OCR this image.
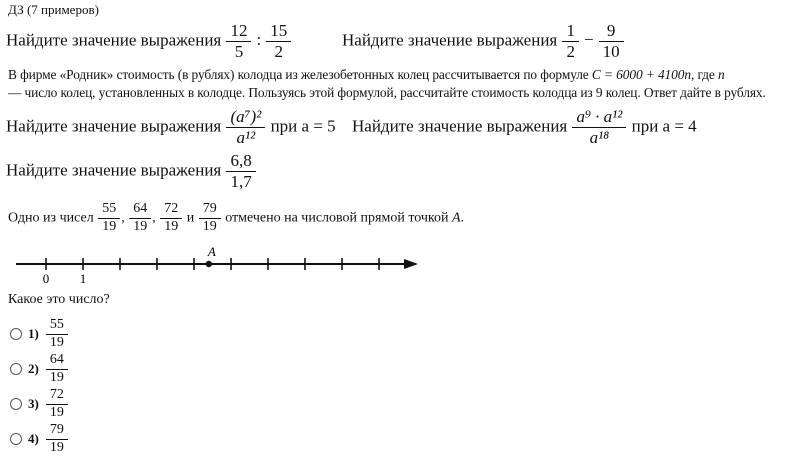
ДЗ (7 примеров)
Найдите значение выражения $\frac{12}{5}$ : $\frac{15}{2}$	Найдите значение выражения $\frac{1}{2} - \frac{9}{10}$
В фирме «Родник» стоимость (в рублях) колодца из железобетонных колец рассчитывается по формуле C = 6000 + 4100n, где n
— число колец, установленных в колодце. Пользуясь этой формулой, рассчитайте стоимость колодца из 9 колец. Ответ дайте в рублях.
Найдите значение выражения $\frac{\text{(a⁷)²}}{\text{a¹²}}$ при a = 5 Найдите значение выражения $\frac{\text{a⁹ · a¹²}}{\text{a¹⁸}}$ при a = 4
Найдите значение выражения $\frac{6,8}{1,7}$
Одно из чисел $\frac{55}{19}$ , $\frac{64}{19}$ , $\frac{72}{19}$ и $\frac{79}{19}$ отмечено на числовой прямой точкой A.
A
0 1
Какое это число?
$1) \frac{55}{19}$
$2) \frac{64}{19}$
$3) \frac{72}{19}$
$4) \frac{79}{19}$
